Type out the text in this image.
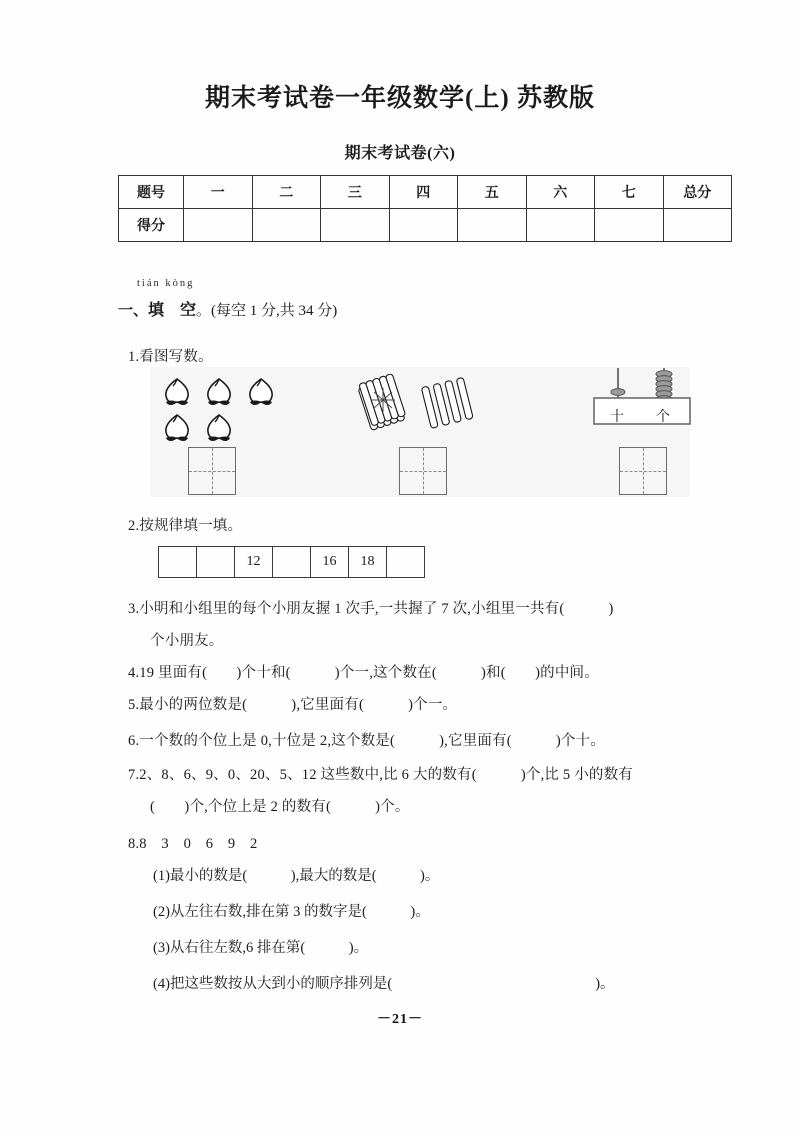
期末考试卷一年级数学(上) 苏教版
期末考试卷(六)
题号	一	二	三	四	五	六	七	总分
得分								
tián kòng
一、填　空。(每空 1 分,共 34 分)
1.看图写数。
十 个
2.按规律填一填。
		12		16	18	
3.小明和小组里的每个小朋友握 1 次手,一共握了 7 次,小组里一共有(　　　)
个小朋友。
4.19 里面有(　　)个十和(　　　)个一,这个数在(　　　)和(　　)的中间。
5.最小的两位数是(　　　),它里面有(　　　)个一。
6.一个数的个位上是 0,十位是 2,这个数是(　　　),它里面有(　　　)个十。
7.2、8、6、9、0、20、5、12 这些数中,比 6 大的数有(　　　)个,比 5 小的数有
(　　)个,个位上是 2 的数有(　　　)个。
8.8　3　0　6　9　2
(1)最小的数是(　　　),最大的数是(　　　)。
(2)从左往右数,排在第 3 的数字是(　　　)。
(3)从右往左数,6 排在第(　　　)。
(4)把这些数按从大到小的顺序排列是(　　　　　　　　　　　　　　)。
－21－
